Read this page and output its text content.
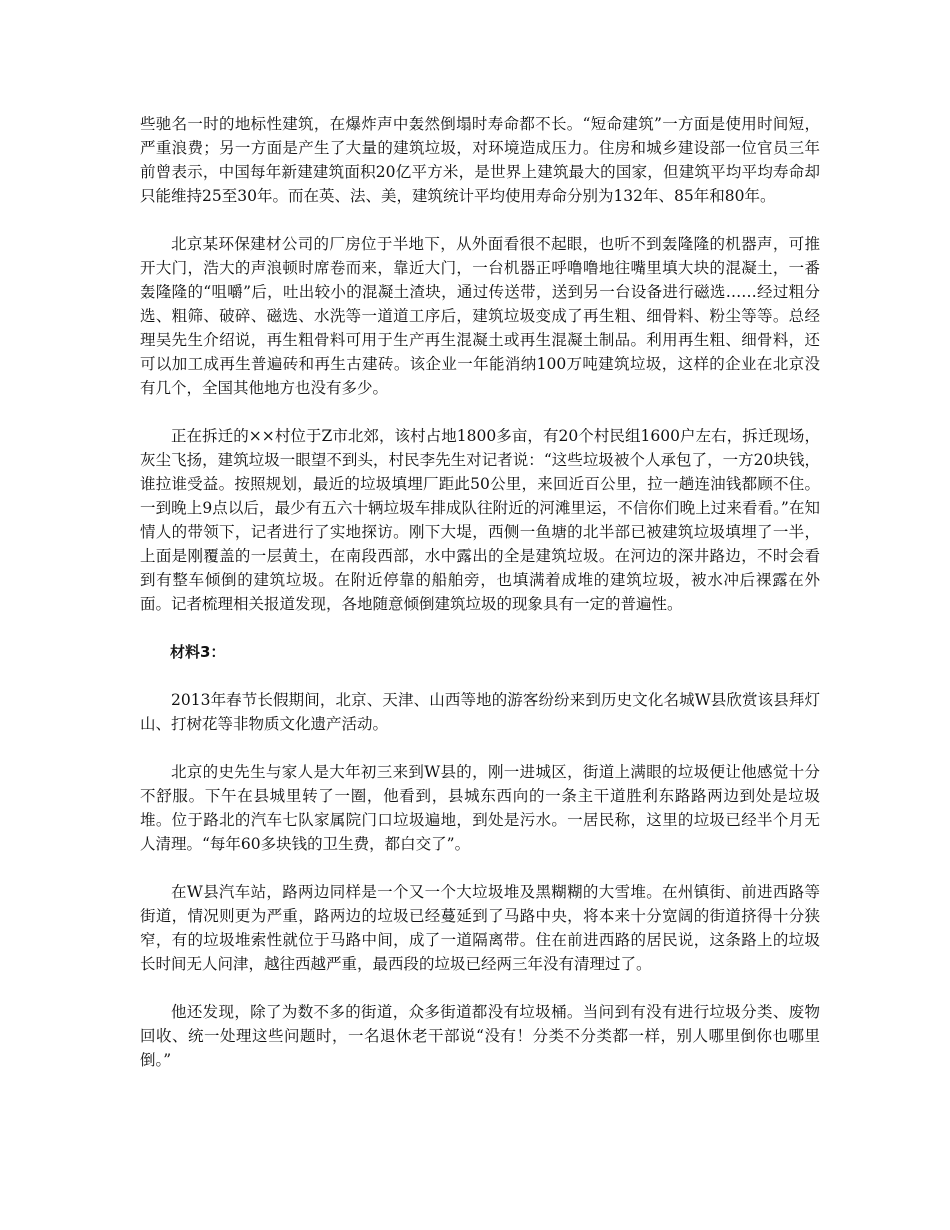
些驰名一时的地标性建筑，在爆炸声中轰然倒塌时寿命都不长。“短命建筑”一方面是使用时间短，严重浪费；另一方面是产生了大量的建筑垃圾，对环境造成压力。住房和城乡建设部一位官员三年前曾表示，中国每年新建建筑面积20亿平方米，是世界上建筑最大的国家，但建筑平均平均寿命却只能维持25至30年。而在英、法、美，建筑统计平均使用寿命分别为132年、85年和80年。

北京某环保建材公司的厂房位于半地下，从外面看很不起眼，也听不到轰隆隆的机器声，可推开大门，浩大的声浪顿时席卷而来，靠近大门，一台机器正呼噜噜地往嘴里填大块的混凝土，一番轰隆隆的“咀嚼”后，吐出较小的混凝土渣块，通过传送带，送到另一台设备进行磁选……经过粗分选、粗筛、破碎、磁选、水洗等一道道工序后，建筑垃圾变成了再生粗、细骨料、粉尘等等。总经理吴先生介绍说，再生粗骨料可用于生产再生混凝土或再生混凝土制品。利用再生粗、细骨料，还可以加工成再生普遍砖和再生古建砖。该企业一年能消纳100万吨建筑垃圾，这样的企业在北京没有几个，全国其他地方也没有多少。

正在拆迁的××村位于Z市北郊，该村占地1800多亩，有20个村民组1600户左右，拆迁现场，灰尘飞扬，建筑垃圾一眼望不到头，村民李先生对记者说：“这些垃圾被个人承包了，一方20块钱，谁拉谁受益。按照规划，最近的垃圾填埋厂距此50公里，来回近百公里，拉一趟连油钱都顾不住。一到晚上9点以后，最少有五六十辆垃圾车排成队往附近的河滩里运，不信你们晚上过来看看。”在知情人的带领下，记者进行了实地探访。刚下大堤，西侧一鱼塘的北半部已被建筑垃圾填埋了一半，上面是刚覆盖的一层黄土，在南段西部，水中露出的全是建筑垃圾。在河边的深井路边，不时会看到有整车倾倒的建筑垃圾。在附近停靠的船舶旁，也填满着成堆的建筑垃圾，被水冲后裸露在外面。记者梳理相关报道发现，各地随意倾倒建筑垃圾的现象具有一定的普遍性。

材料3：

2013年春节长假期间，北京、天津、山西等地的游客纷纷来到历史文化名城W县欣赏该县拜灯山、打树花等非物质文化遗产活动。

北京的史先生与家人是大年初三来到W县的，刚一进城区，街道上满眼的垃圾便让他感觉十分不舒服。下午在县城里转了一圈，他看到，县城东西向的一条主干道胜利东路路两边到处是垃圾堆。位于路北的汽车七队家属院门口垃圾遍地，到处是污水。一居民称，这里的垃圾已经半个月无人清理。“每年60多块钱的卫生费，都白交了”。

在W县汽车站，路两边同样是一个又一个大垃圾堆及黑糊糊的大雪堆。在州镇街、前进西路等街道，情况则更为严重，路两边的垃圾已经蔓延到了马路中央，将本来十分宽阔的街道挤得十分狭窄，有的垃圾堆索性就位于马路中间，成了一道隔离带。住在前进西路的居民说，这条路上的垃圾长时间无人问津，越往西越严重，最西段的垃圾已经两三年没有清理过了。

他还发现，除了为数不多的街道，众多街道都没有垃圾桶。当问到有没有进行垃圾分类、废物回收、统一处理这些问题时，一名退休老干部说“没有！分类不分类都一样，别人哪里倒你也哪里倒。”
